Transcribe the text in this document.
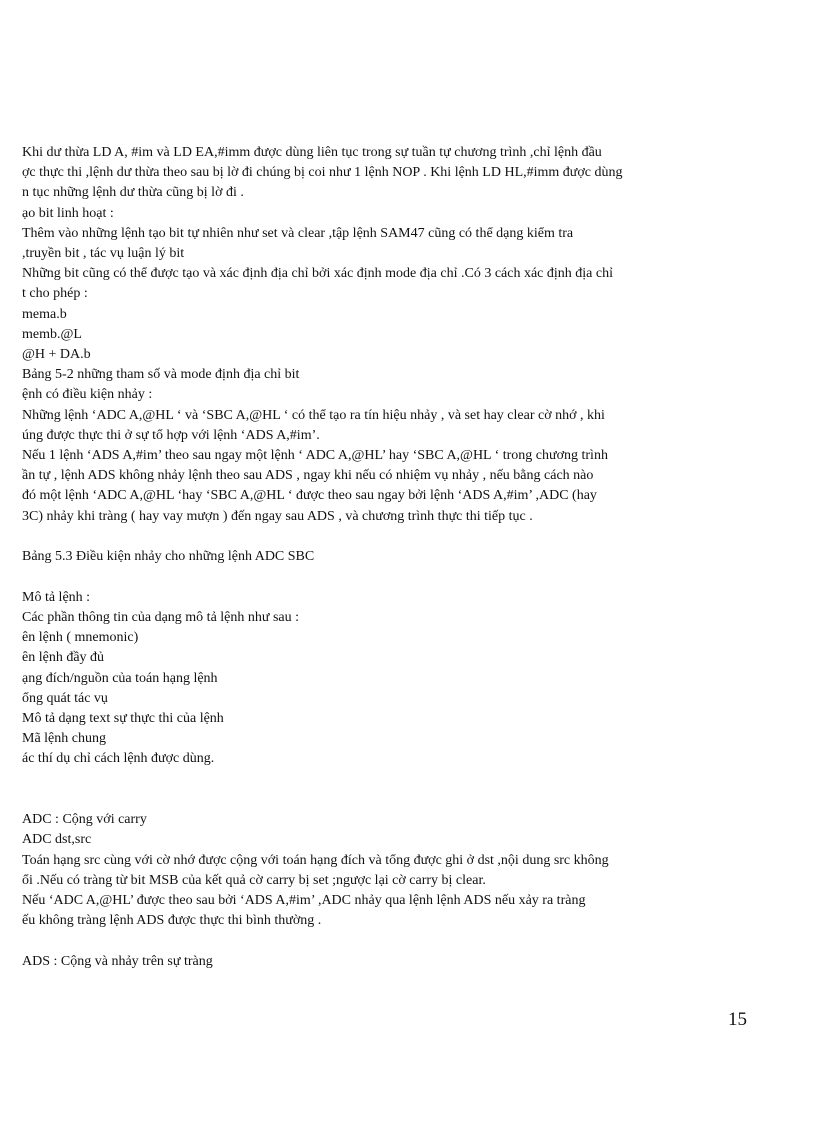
Khi dư thừa LD A, #im và LD EA,#imm được dùng liên tục trong sự tuần tự chương trình ,chỉ lệnh đầu
ợc thực thi ,lệnh dư thừa theo sau bị lờ đi chúng bị coi như 1 lệnh NOP . Khi lệnh LD HL,#imm được dùng
n tục những lệnh dư thừa cũng bị lờ đi .
ạo bit linh hoạt :
Thêm vào những lệnh tạo bit tự nhiên như set và clear ,tập lệnh SAM47 cũng có thể dạng kiểm tra
,truyền bit , tác vụ luận lý bit
Những bit cũng có thể được tạo và xác định địa chỉ bởi xác định mode địa chỉ .Có 3 cách xác định địa chỉ
t cho phép :
mema.b
memb.@L
@H + DA.b
Bảng 5-2 những tham số và mode định địa chỉ bit
ệnh có điều kiện nhảy :
Những lệnh ‘ADC A,@HL ‘ và ‘SBC A,@HL ‘ có thể tạo ra tín hiệu nhảy , và set hay clear cờ nhớ , khi
úng được thực thi ở sự tổ hợp với lệnh ‘ADS A,#im’.
Nếu 1 lệnh ‘ADS A,#im’ theo sau ngay một lệnh ‘ ADC A,@HL’ hay ‘SBC A,@HL ‘ trong chương trình
ần tự , lệnh ADS không nhảy lệnh theo sau ADS , ngay khi nếu có nhiệm vụ nhảy , nếu bằng cách nào
đó một lệnh ‘ADC A,@HL ‘hay ‘SBC A,@HL ‘ được theo sau ngay bởi lệnh ‘ADS A,#im’ ,ADC (hay
3C) nhảy khi tràng ( hay vay mượn ) đến ngay sau ADS , và chương trình thực thi tiếp tục .
Bảng 5.3 Điều kiện nhảy cho những lệnh ADC SBC
Mô tả lệnh :
Các phần thông tin của dạng mô tả lệnh như sau :
ên lệnh ( mnemonic)
ên lệnh đầy đủ
ạng đích/nguồn của toán hạng lệnh
ổng quát tác vụ
Mô tả dạng text sự thực thi của lệnh
Mã lệnh chung
ác thí dụ chỉ cách lệnh được dùng.
ADC : Cộng với carry
ADC dst,src
Toán hạng src cùng với cờ nhớ được cộng với toán hạng đích và tổng được ghi ở dst ,nội dung src không
ổi .Nếu có tràng từ bit MSB của kết quả cờ carry bị set ;ngược lại cờ carry bị clear.
Nếu ‘ADC A,@HL’ được theo sau bởi ‘ADS A,#im’ ,ADC nhảy qua lệnh lệnh ADS nếu xảy ra tràng
ếu không tràng lệnh ADS được thực thi bình thường .
ADS : Cộng và nhảy trên sự tràng
15
